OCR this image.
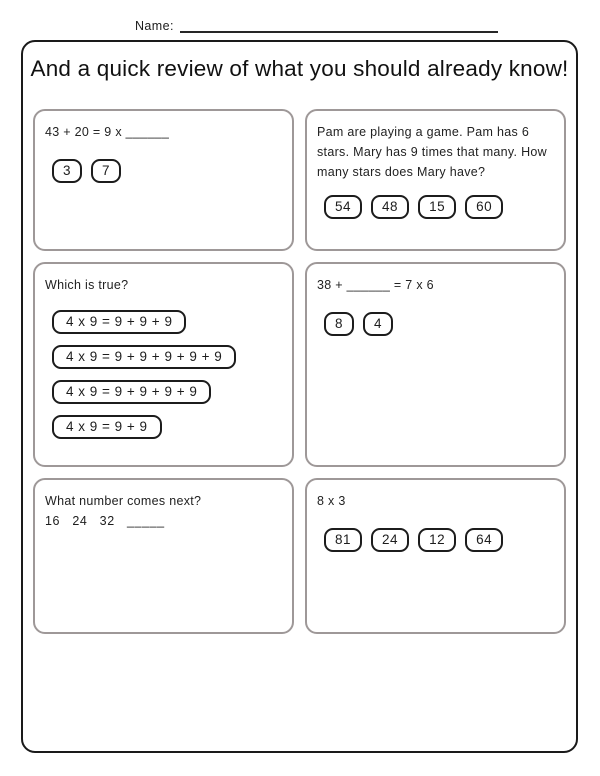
Name:
And a quick review of what you should already know!
43 + 20 = 9 x ______
3	7
Pam are playing a game. Pam has 6 stars. Mary has 9 times that many. How many stars does Mary have?
54	48	15	60
Which is true?
4 x 9 = 9 + 9 + 9
4 x 9 = 9 + 9 + 9 + 9 + 9
4 x 9 = 9 + 9 + 9 + 9
4 x 9 = 9 + 9
38 + ______ = 7 x 6
8	4
What number comes next?
16   24   32   _____
8 x 3
81	24	12	64
